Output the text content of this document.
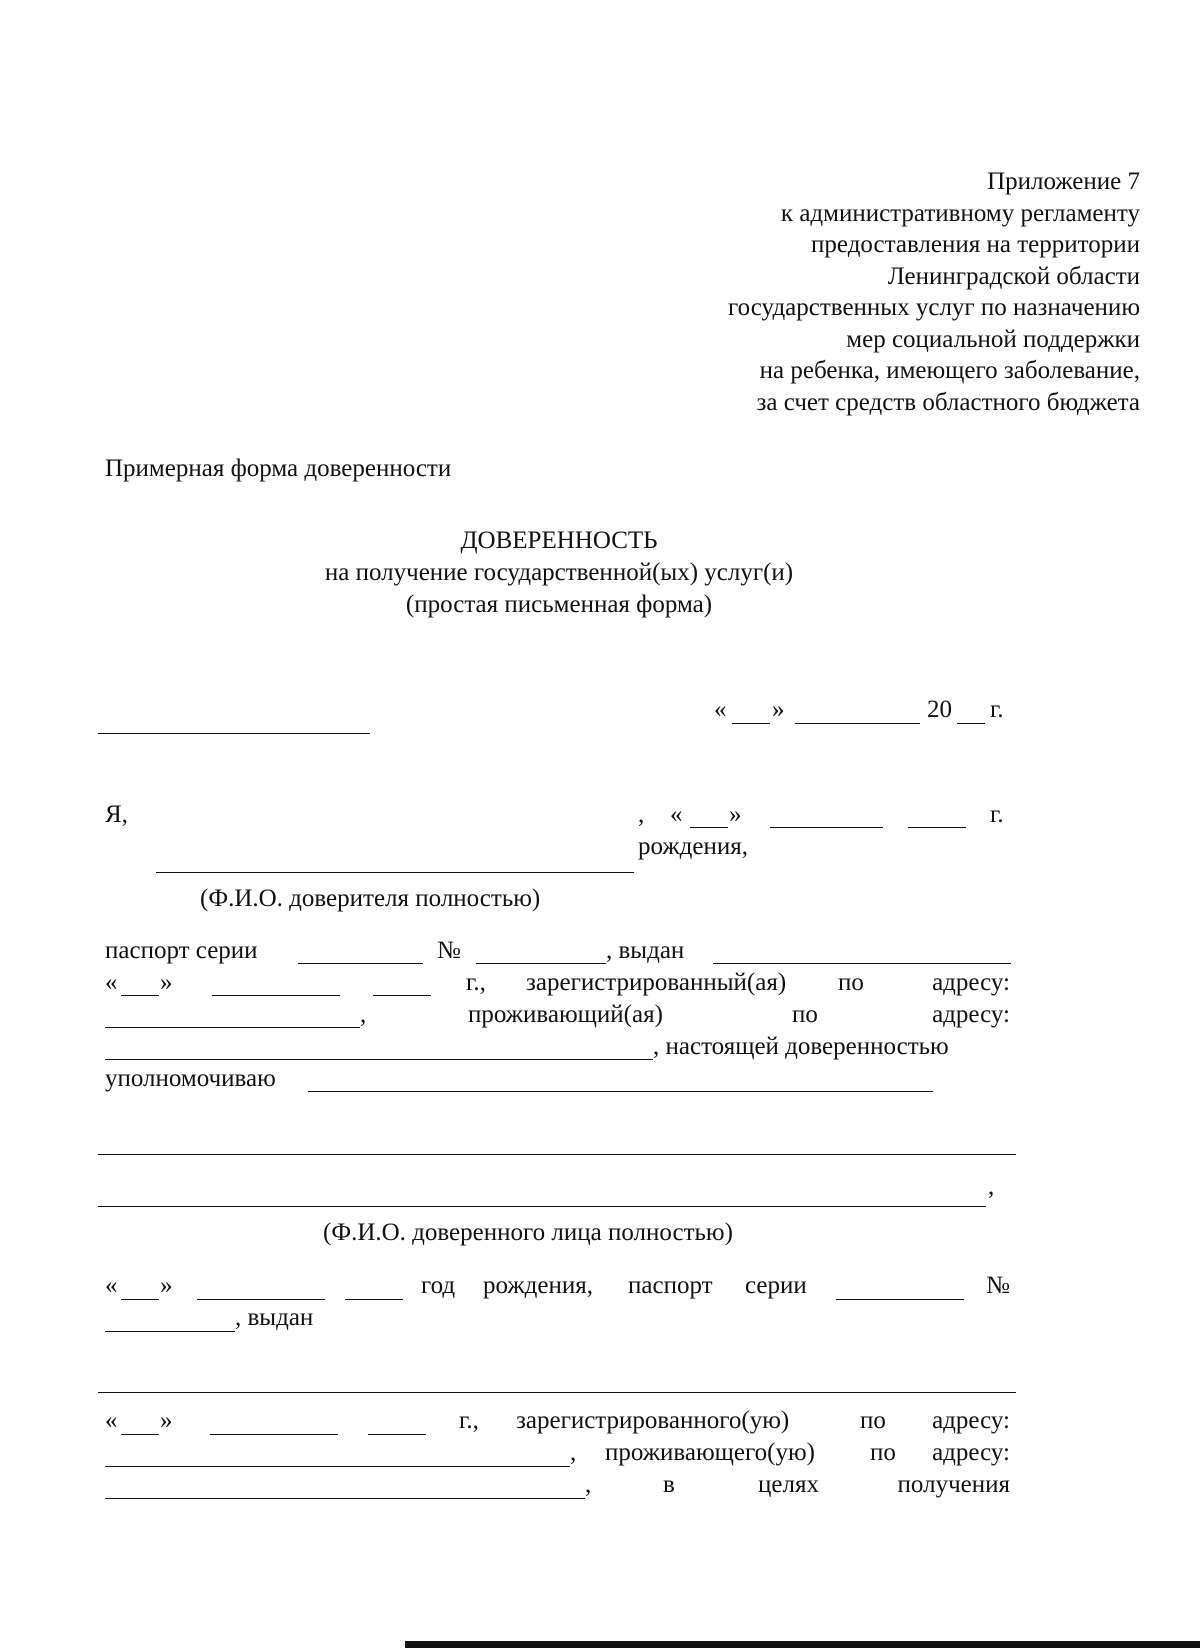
Приложение 7
к административному регламенту
предоставления на территории
Ленинградской области
государственных услуг по назначению
мер социальной поддержки
на ребенка, имеющего заболевание,
за счет средств областного бюджета
Примерная форма доверенности
ДОВЕРЕННОСТЬ
на получение государственной(ых) услуг(и)
(простая письменная форма)
« »	20 г.
Я,	, « »	г.
рождения,
(Ф.И.О. доверителя полностью)
паспорт серии	№	, выдан
« »	г., зарегистрированный(ая) по	адресу:
,	проживающий(ая)	по	адресу:
, настоящей доверенностью
уполномочиваю
,
(Ф.И.О. доверенного лица полностью)
« »	год рождения, паспорт серии	№
, выдан
« »	г., зарегистрированного(ую)	по адресу:
, проживающего(ую) по адресу:
,	в	целях	получения
